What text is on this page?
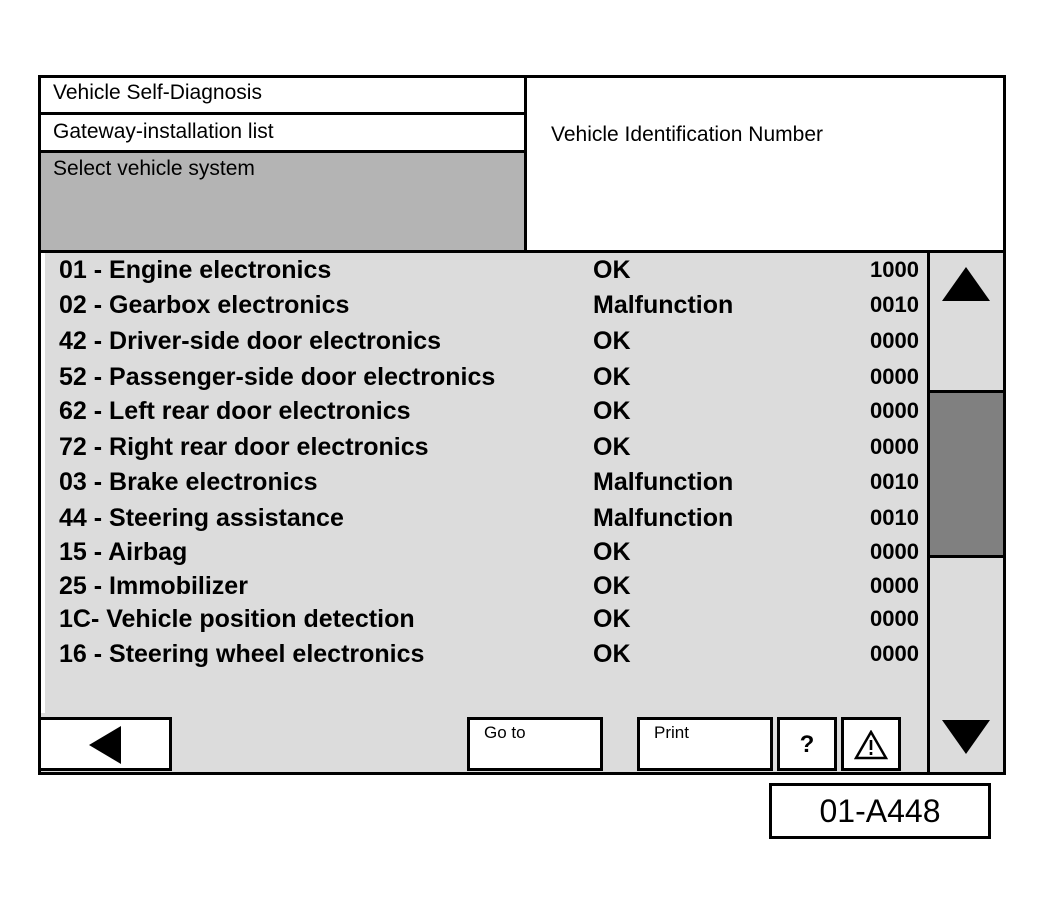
Vehicle Self-Diagnosis
Gateway-installation list
Select vehicle system
Vehicle Identification Number
01 - Engine electronics	OK	1000
02 - Gearbox electronics	Malfunction	0010
42 - Driver-side door electronics	OK	0000
52 - Passenger-side door electronics	OK	0000
62 - Left rear door electronics	OK	0000
72 - Right rear door electronics	OK	0000
03 - Brake electronics	Malfunction	0010
44 - Steering assistance	Malfunction	0010
15 - Airbag	OK	0000
25 - Immobilizer	OK	0000
1C- Vehicle position detection	OK	0000
16 - Steering wheel electronics	OK	0000
Go to	Print	?
01-A448
